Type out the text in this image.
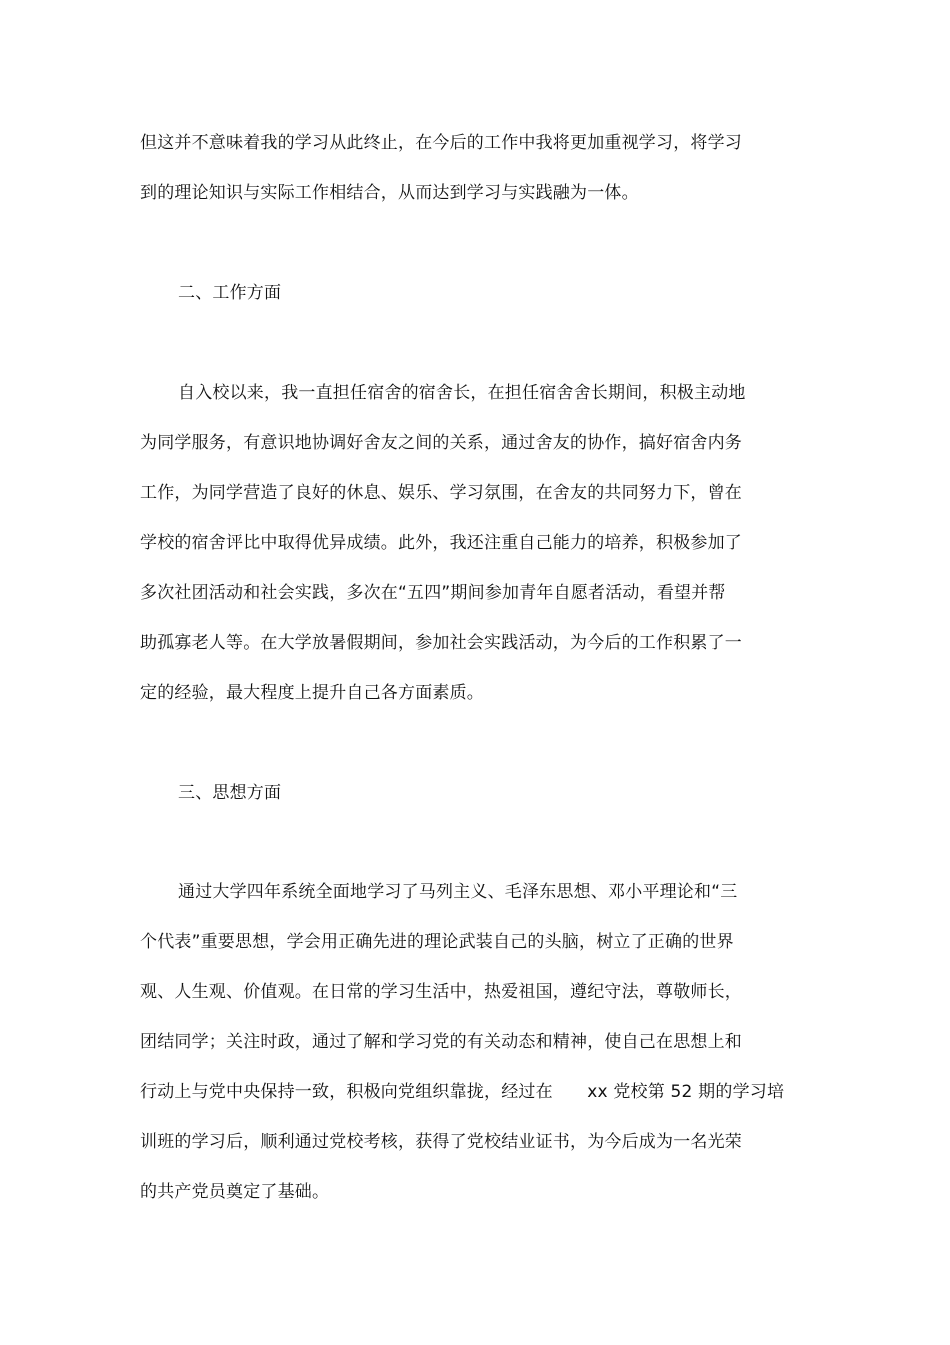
但这并不意味着我的学习从此终止，在今后的工作中我将更加重视学习，将学习
到的理论知识与实际工作相结合，从而达到学习与实践融为一体。
二、工作方面
自入校以来，我一直担任宿舍的宿舍长，在担任宿舍舍长期间，积极主动地
为同学服务，有意识地协调好舍友之间的关系，通过舍友的协作，搞好宿舍内务
工作，为同学营造了良好的休息、娱乐、学习氛围，在舍友的共同努力下，曾在
学校的宿舍评比中取得优异成绩。此外，我还注重自己能力的培养，积极参加了
多次社团活动和社会实践，多次在“五四”期间参加青年自愿者活动，看望并帮
助孤寡老人等。在大学放暑假期间，参加社会实践活动，为今后的工作积累了一
定的经验，最大程度上提升自己各方面素质。
三、思想方面
通过大学四年系统全面地学习了马列主义、毛泽东思想、邓小平理论和“三
个代表”重要思想，学会用正确先进的理论武装自己的头脑，树立了正确的世界
观、人生观、价值观。在日常的学习生活中，热爱祖国，遵纪守法，尊敬师长，
团结同学；关注时政，通过了解和学习党的有关动态和精神，使自己在思想上和
行动上与党中央保持一致，积极向党组织靠拢，经过在　　xx 党校第 52 期的学习培
训班的学习后，顺利通过党校考核，获得了党校结业证书，为今后成为一名光荣
的共产党员奠定了基础。
